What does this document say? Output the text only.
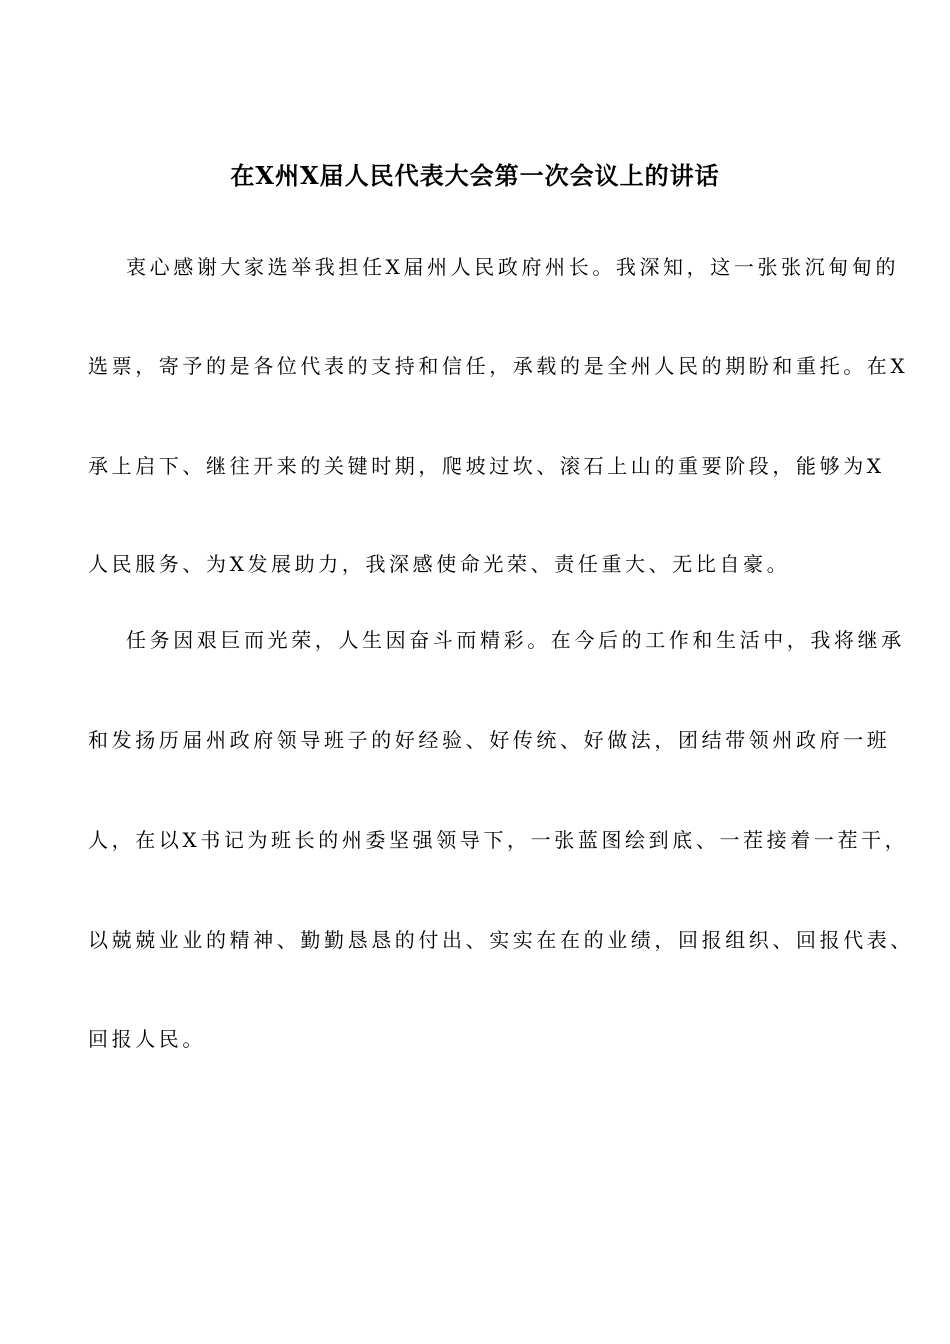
在X州X届人民代表大会第一次会议上的讲话
衷心感谢大家选举我担任X届州人民政府州长。我深知，这一张张沉甸甸的
选票，寄予的是各位代表的支持和信任，承载的是全州人民的期盼和重托。在X
承上启下、继往开来的关键时期，爬坡过坎、滚石上山的重要阶段，能够为X
人民服务、为X发展助力，我深感使命光荣、责任重大、无比自豪。
任务因艰巨而光荣，人生因奋斗而精彩。在今后的工作和生活中，我将继承
和发扬历届州政府领导班子的好经验、好传统、好做法，团结带领州政府一班
人，在以X书记为班长的州委坚强领导下，一张蓝图绘到底、一茬接着一茬干，
以兢兢业业的精神、勤勤恳恳的付出、实实在在的业绩，回报组织、回报代表、
回报人民。
